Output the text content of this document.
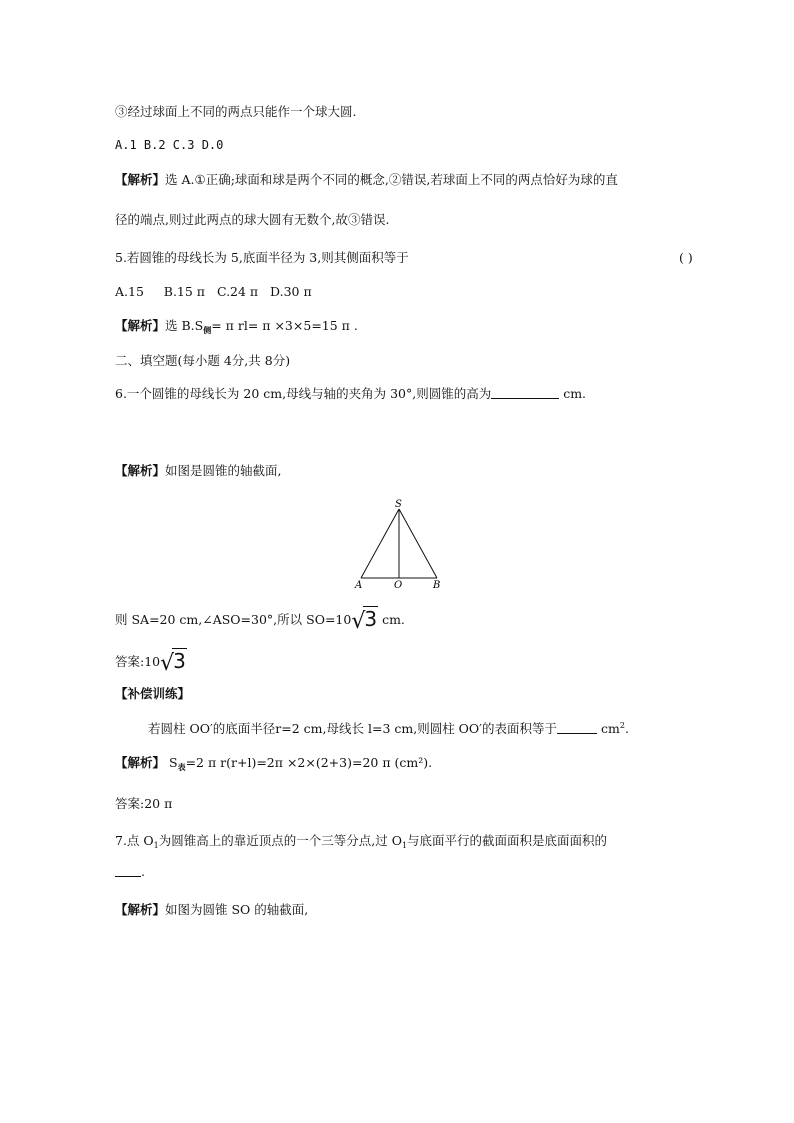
③经过球面上不同的两点只能作一个球大圆.
A.1 B.2 C.3 D.0
【解析】选 A.①正确;球面和球是两个不同的概念,②错误,若球面上不同的两点恰好为球的直
径的端点,则过此两点的球大圆有无数个,故③错误.
5.若圆锥的母线长为 5,底面半径为 3,则其侧面积等于	( )
A.15     B.15 π   C.24 π   D.30 π
【解析】选 $B.S_侧= \pi$ rl= π ×3×5=15 π .
二、填空题(每小题 4分,共 8分)
6.一个圆锥的母线长为 20 cm,母线与轴的夹角为 30°,则圆锥的高为	cm.
【解析】如图是圆锥的轴截面,
S
A	O	B
则 SA=20 cm,∠ASO=30°,所以 SO=10√3 cm.
答案:10√3
【补偿训练】
若圆柱 OO′的底面半径r=2 cm,母线长 l=3 cm,则圆柱 OO′的表面积等于	$cm^2$.
【解析】 $S_表=2$ π r(r+l)=2π ×2×(2+3)=20 π (cm²).
答案:20 π
7.点 $O_1$为圆锥高上的靠近顶点的一个三等分点,过 $O_1$与底面平行的截面面积是底面面积的
.
【解析】如图为圆锥 SO 的轴截面,
